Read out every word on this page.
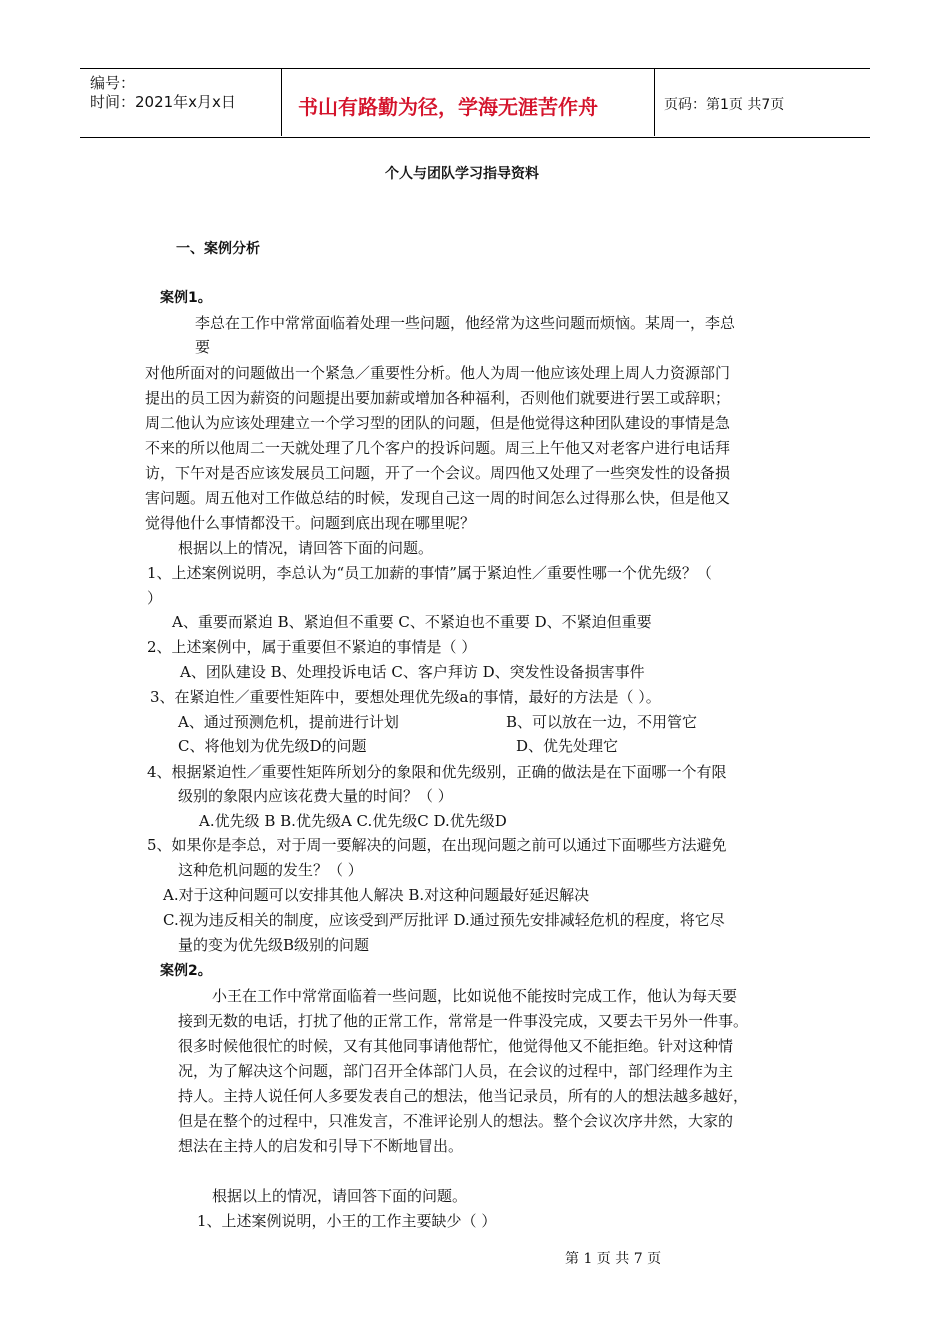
编号：
时间：2021年x月x日	书山有路勤为径，学海无涯苦作舟	页码：第1页 共7页
个人与团队学习指导资料
一、案例分析
案例1。
李总在工作中常常面临着处理一些问题，他经常为这些问题而烦恼。某周一，李总
要
对他所面对的问题做出一个紧急／重要性分析。他人为周一他应该处理上周人力资源部门
提出的员工因为薪资的问题提出要加薪或增加各种福利，否则他们就要进行罢工或辞职；
周二他认为应该处理建立一个学习型的团队的问题，但是他觉得这种团队建设的事情是急
不来的所以他周二一天就处理了几个客户的投诉问题。周三上午他又对老客户进行电话拜
访，下午对是否应该发展员工问题，开了一个会议。周四他又处理了一些突发性的设备损
害问题。周五他对工作做总结的时候，发现自己这一周的时间怎么过得那么快，但是他又
觉得他什么事情都没干。问题到底出现在哪里呢？
根据以上的情况，请回答下面的问题。
1、上述案例说明，李总认为“员工加薪的事情”属于紧迫性／重要性哪一个优先级？（
）
A、重要而紧迫 B、紧迫但不重要 C、不紧迫也不重要 D、不紧迫但重要
2、上述案例中，属于重要但不紧迫的事情是（ ）
A、团队建设 B、处理投诉电话 C、客户拜访 D、突发性设备损害事件
3、在紧迫性／重要性矩阵中，要想处理优先级a的事情，最好的方法是（ ）。
A、通过预测危机，提前进行计划	B、可以放在一边，不用管它
C、将他划为优先级D的问题	D、优先处理它
4、根据紧迫性／重要性矩阵所划分的象限和优先级别，正确的做法是在下面哪一个有限
级别的象限内应该花费大量的时间？（ ）
A.优先级 B B.优先级A C.优先级C D.优先级D
5、如果你是李总，对于周一要解决的问题，在出现问题之前可以通过下面哪些方法避免
这种危机问题的发生？（ ）
A.对于这种问题可以安排其他人解决 B.对这种问题最好延迟解决
C.视为违反相关的制度，应该受到严厉批评 D.通过预先安排减轻危机的程度，将它尽
量的变为优先级B级别的问题
案例2。
小王在工作中常常面临着一些问题，比如说他不能按时完成工作，他认为每天要
接到无数的电话，打扰了他的正常工作，常常是一件事没完成，又要去干另外一件事。
很多时候他很忙的时候，又有其他同事请他帮忙，他觉得他又不能拒绝。针对这种情
况，为了解决这个问题，部门召开全体部门人员，在会议的过程中，部门经理作为主
持人。主持人说任何人多要发表自己的想法，他当记录员，所有的人的想法越多越好，
但是在整个的过程中，只准发言，不准评论别人的想法。整个会议次序井然，大家的
想法在主持人的启发和引导下不断地冒出。
根据以上的情况，请回答下面的问题。
1、上述案例说明，小王的工作主要缺少（ ）
第 1 页 共 7 页
